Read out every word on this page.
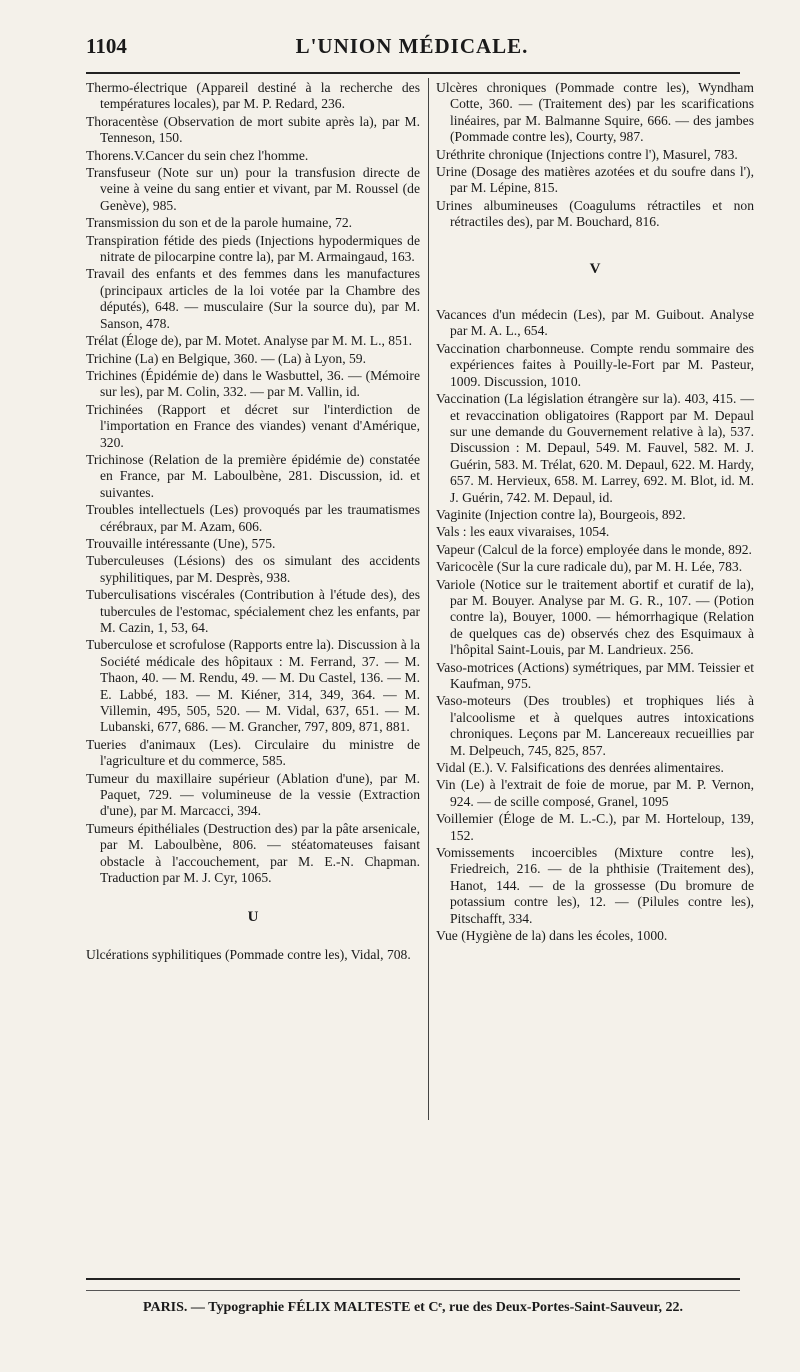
1104	L'UNION MÉDICALE.

Thermo-électrique (Appareil destiné à la recherche des températures locales), par M. P. Redard, 236.

Thoracentèse (Observation de mort subite après la), par M. Tenneson, 150.

Thorens.V.Cancer du sein chez l'homme.

Transfuseur (Note sur un) pour la transfusion directe de veine à veine du sang entier et vivant, par M. Roussel (de Genève), 985.

Transmission du son et de la parole humaine, 72.

Transpiration fétide des pieds (Injections hypodermiques de nitrate de pilocarpine contre la), par M. Armaingaud, 163.

Travail des enfants et des femmes dans les manufactures (principaux articles de la loi votée par la Chambre des députés), 648. — musculaire (Sur la source du), par M. Sanson, 478.

Trélat (Éloge de), par M. Motet. Analyse par M. M. L., 851.

Trichine (La) en Belgique, 360. — (La) à Lyon, 59.

Trichines (Épidémie de) dans le Wasbuttel, 36. — (Mémoire sur les), par M. Colin, 332. — par M. Vallin, id.

Trichinées (Rapport et décret sur l'interdiction de l'importation en France des viandes) venant d'Amérique, 320.

Trichinose (Relation de la première épidémie de) constatée en France, par M. Laboulbène, 281. Discussion, id. et suivantes.

Troubles intellectuels (Les) provoqués par les traumatismes cérébraux, par M. Azam, 606.

Trouvaille intéressante (Une), 575.

Tuberculeuses (Lésions) des os simulant des accidents syphilitiques, par M. Desprès, 938.

Tuberculisations viscérales (Contribution à l'étude des), des tubercules de l'estomac, spécialement chez les enfants, par M. Cazin, 1, 53, 64.

Tuberculose et scrofulose (Rapports entre la). Discussion à la Société médicale des hôpitaux : M. Ferrand, 37. — M. Thaon, 40. — M. Rendu, 49. — M. Du Castel, 136. — M. E. Labbé, 183. — M. Kiéner, 314, 349, 364. — M. Villemin, 495, 505, 520. — M. Vidal, 637, 651. — M. Lubanski, 677, 686. — M. Grancher, 797, 809, 871, 881.

Tueries d'animaux (Les). Circulaire du ministre de l'agriculture et du commerce, 585.

Tumeur du maxillaire supérieur (Ablation d'une), par M. Paquet, 729. — volumineuse de la vessie (Extraction d'une), par M. Marcacci, 394.

Tumeurs épithéliales (Destruction des) par la pâte arsenicale, par M. Laboulbène, 806. — stéatomateuses faisant obstacle à l'accouchement, par M. E.-N. Chapman. Traduction par M. J. Cyr, 1065.

U

Ulcérations syphilitiques (Pommade contre les), Vidal, 708.

Ulcères chroniques (Pommade contre les), Wyndham Cotte, 360. — (Traitement des) par les scarifications linéaires, par M. Balmanne Squire, 666. — des jambes (Pommade contre les), Courty, 987.

Uréthrite chronique (Injections contre l'), Masurel, 783.

Urine (Dosage des matières azotées et du soufre dans l'), par M. Lépine, 815.

Urines albumineuses (Coagulums rétractiles et non rétractiles des), par M. Bouchard, 816.

V

Vacances d'un médecin (Les), par M. Guibout. Analyse par M. A. L., 654.

Vaccination charbonneuse. Compte rendu sommaire des expériences faites à Pouilly-le-Fort par M. Pasteur, 1009. Discussion, 1010.

Vaccination (La législation étrangère sur la). 403, 415. — et revaccination obligatoires (Rapport par M. Depaul sur une demande du Gouvernement relative à la), 537. Discussion : M. Depaul, 549. M. Fauvel, 582. M. J. Guérin, 583. M. Trélat, 620. M. Depaul, 622. M. Hardy, 657. M. Hervieux, 658. M. Larrey, 692. M. Blot, id. M. J. Guérin, 742. M. Depaul, id.

Vaginite (Injection contre la), Bourgeois, 892.

Vals : les eaux vivaraises, 1054.

Vapeur (Calcul de la force) employée dans le monde, 892.

Varicocèle (Sur la cure radicale du), par M. H. Lée, 783.

Variole (Notice sur le traitement abortif et curatif de la), par M. Bouyer. Analyse par M. G. R., 107. — (Potion contre la), Bouyer, 1000. — hémorrhagique (Relation de quelques cas de) observés chez des Esquimaux à l'hôpital Saint-Louis, par M. Landrieux. 256.

Vaso-motrices (Actions) symétriques, par MM. Teissier et Kaufman, 975.

Vaso-moteurs (Des troubles) et trophiques liés à l'alcoolisme et à quelques autres intoxications chroniques. Leçons par M. Lancereaux recueillies par M. Delpeuch, 745, 825, 857.

Vidal (E.). V. Falsifications des denrées alimentaires.

Vin (Le) à l'extrait de foie de morue, par M. P. Vernon, 924. — de scille composé, Granel, 1095

Voillemier (Éloge de M. L.-C.), par M. Horteloup, 139, 152.

Vomissements incoercibles (Mixture contre les), Friedreich, 216. — de la phthisie (Traitement des), Hanot, 144. — de la grossesse (Du bromure de potassium contre les), 12. — (Pilules contre les), Pitschafft, 334.

Vue (Hygiène de la) dans les écoles, 1000.

PARIS. — Typographie FÉLIX MALTESTE et Cᵉ, rue des Deux-Portes-Saint-Sauveur, 22.
